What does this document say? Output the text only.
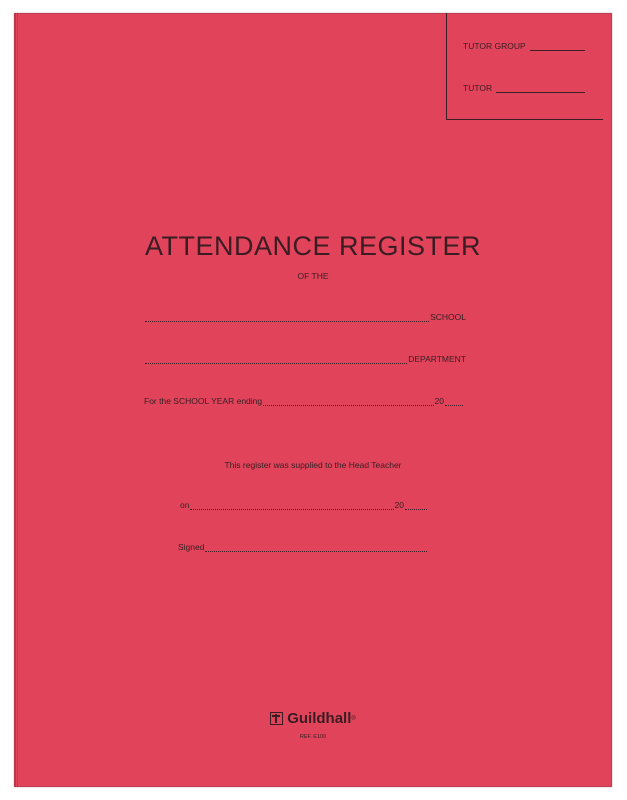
TUTOR GROUP
TUTOR
ATTENDANCE REGISTER
OF THE
SCHOOL
DEPARTMENT
For the SCHOOL YEAR ending	20
This register was supplied to the Head Teacher
on	20
Signed
Guildhall ®
REF. E100
